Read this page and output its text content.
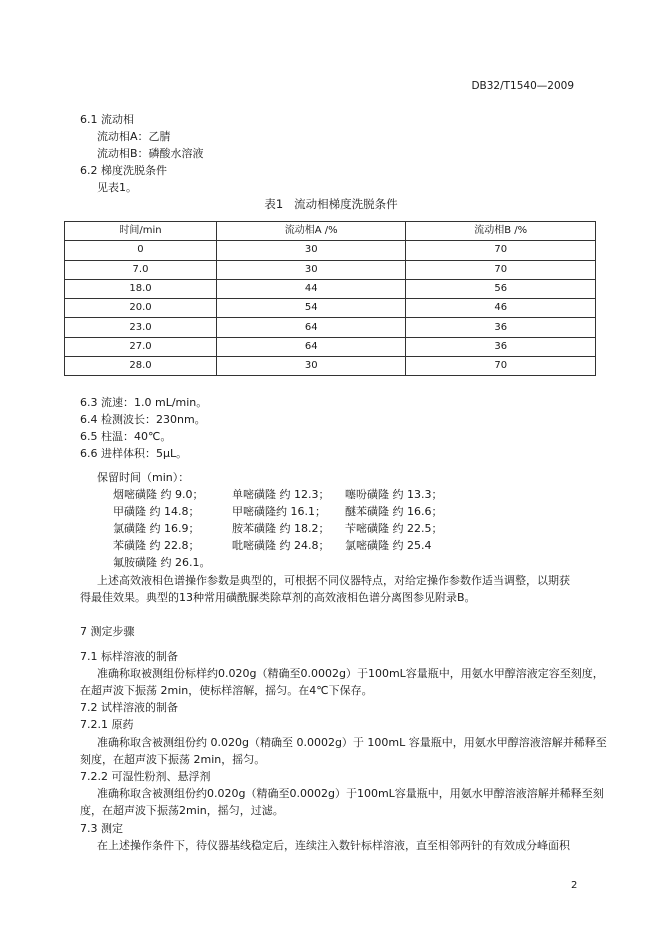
DB32/T1540—2009
6.1 流动相
流动相A：乙腈
流动相B：磷酸水溶液
6.2 梯度洗脱条件
见表1。
表1   流动相梯度洗脱条件
时间/min	流动相A /%	流动相B /%
0	30	70
7.0	30	70
18.0	44	56
20.0	54	46
23.0	64	36
27.0	64	36
28.0	30	70
6.3 流速：1.0 mL/min。
6.4 检测波长：230nm。
6.5 柱温：40℃。
6.6 进样体积：5μL。
保留时间（min）：
烟嘧磺隆 约 9.0；	单嘧磺隆 约 12.3； 噻吩磺隆 约 13.3；
甲磺隆 约 14.8；	甲嘧磺隆约 16.1； 醚苯磺隆 约 16.6；
氯磺隆 约 16.9；	胺苯磺隆 约 18.2； 苄嘧磺隆 约 22.5；
苯磺隆 约 22.8；	吡嘧磺隆 约 24.8； 氯嘧磺隆 约 25.4
氟胺磺隆 约 26.1。
上述高效液相色谱操作参数是典型的，可根据不同仪器特点，对给定操作参数作适当调整，以期获
得最佳效果。典型的13种常用磺酰脲类除草剂的高效液相色谱分离图参见附录B。
7 测定步骤
7.1 标样溶液的制备
准确称取被测组份标样约0.020g（精确至0.0002g）于100mL容量瓶中，用氨水甲醇溶液定容至刻度，
在超声波下振荡 2min，使标样溶解，摇匀。在4℃下保存。
7.2 试样溶液的制备
7.2.1 原药
准确称取含被测组份约 0.020g（精确至 0.0002g）于 100mL 容量瓶中，用氨水甲醇溶液溶解并稀释至
刻度，在超声波下振荡 2min，摇匀。
7.2.2 可湿性粉剂、悬浮剂
准确称取含被测组份约0.020g（精确至0.0002g）于100mL容量瓶中，用氨水甲醇溶液溶解并稀释至刻
度，在超声波下振荡2min，摇匀，过滤。
7.3 测定
在上述操作条件下，待仪器基线稳定后，连续注入数针标样溶液，直至相邻两针的有效成分峰面积
2
